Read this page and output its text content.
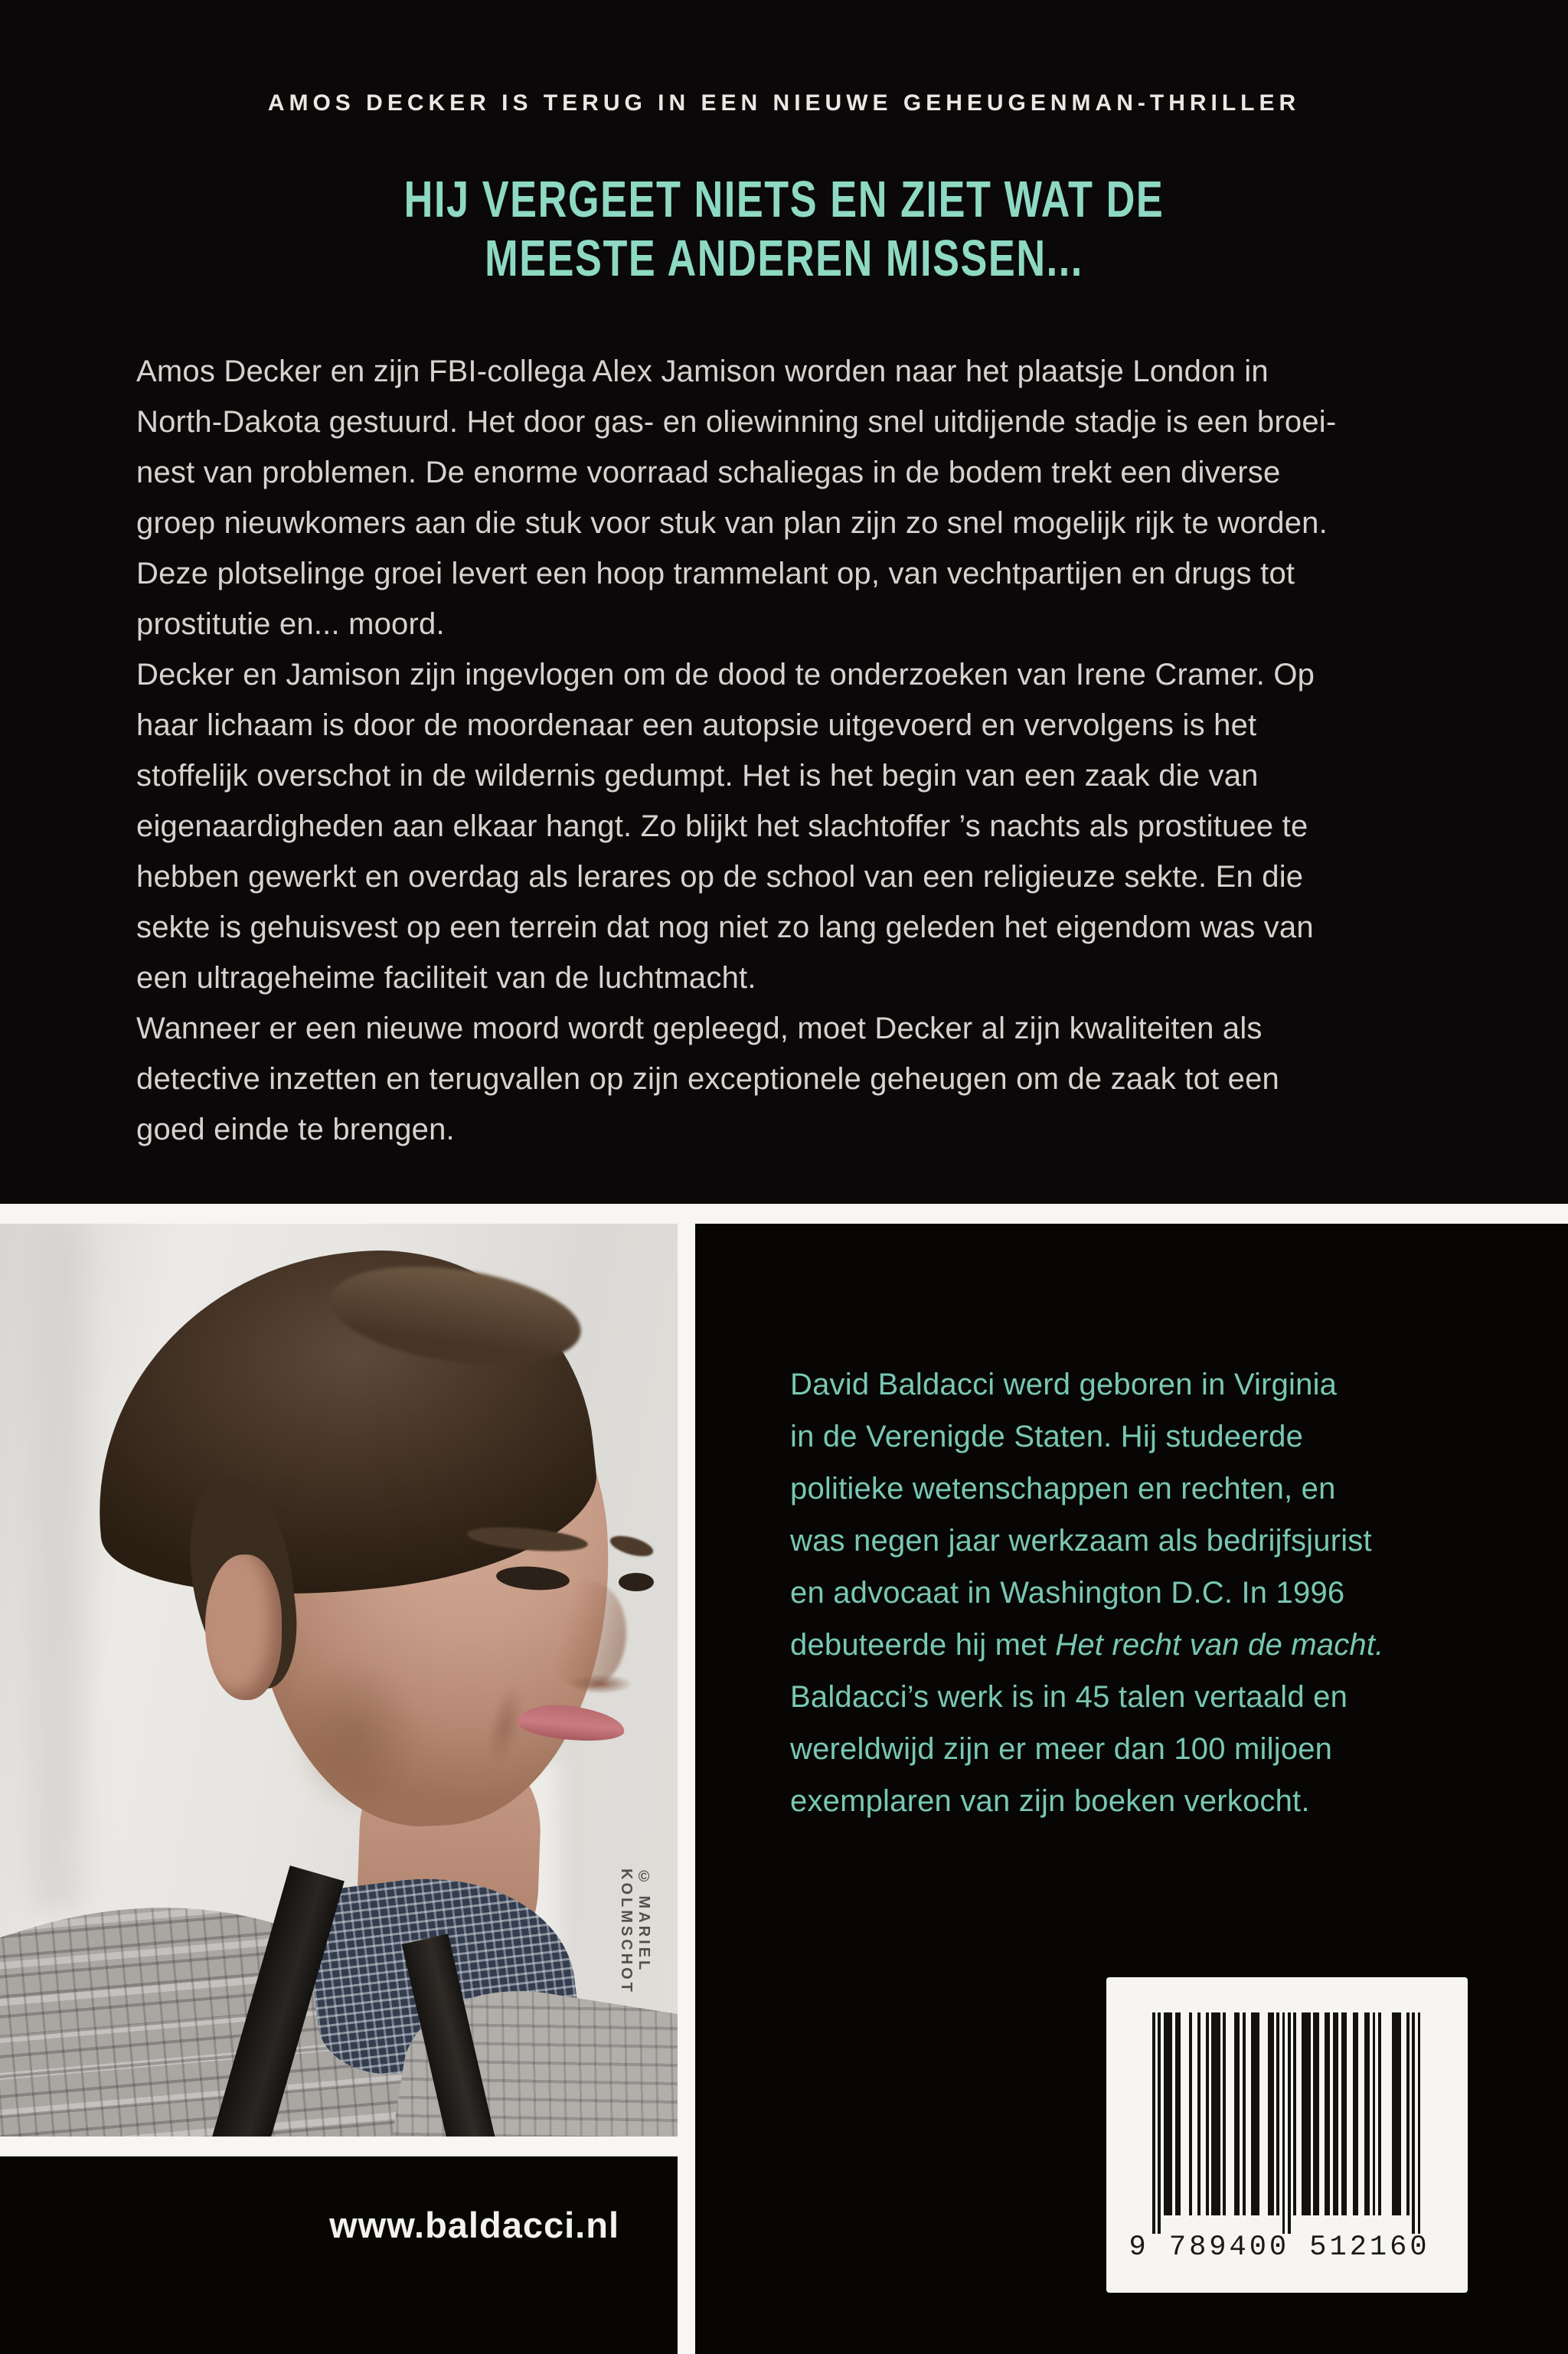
AMOS DECKER IS TERUG IN EEN NIEUWE GEHEUGENMAN-THRILLER
HIJ VERGEET NIETS EN ZIET WAT DE
MEESTE ANDEREN MISSEN...
Amos Decker en zijn FBI-collega Alex Jamison worden naar het plaatsje London in
North-Dakota gestuurd. Het door gas- en oliewinning snel uitdijende stadje is een broei-
nest van problemen. De enorme voorraad schaliegas in de bodem trekt een diverse
groep nieuwkomers aan die stuk voor stuk van plan zijn zo snel mogelijk rijk te worden.
Deze plotselinge groei levert een hoop trammelant op, van vechtpartijen en drugs tot
prostitutie en... moord.
Decker en Jamison zijn ingevlogen om de dood te onderzoeken van Irene Cramer. Op
haar lichaam is door de moordenaar een autopsie uitgevoerd en vervolgens is het
stoffelijk overschot in de wildernis gedumpt. Het is het begin van een zaak die van
eigenaardigheden aan elkaar hangt. Zo blijkt het slachtoffer ’s nachts als prostituee te
hebben gewerkt en overdag als lerares op de school van een religieuze sekte. En die
sekte is gehuisvest op een terrein dat nog niet zo lang geleden het eigendom was van
een ultrageheime faciliteit van de luchtmacht.
Wanneer er een nieuwe moord wordt gepleegd, moet Decker al zijn kwaliteiten als
detective inzetten en terugvallen op zijn exceptionele geheugen om de zaak tot een
goed einde te brengen.
© MARIEL KOLMSCHOT
www.baldacci.nl
David Baldacci werd geboren in Virginia
in de Verenigde Staten. Hij studeerde
politieke wetenschappen en rechten, en
was negen jaar werkzaam als bedrijfsjurist
en advocaat in Washington D.C. In 1996
debuteerde hij met Het recht van de macht.
Baldacci’s werk is in 45 talen vertaald en
wereldwijd zijn er meer dan 100 miljoen
exemplaren van zijn boeken verkocht.
9 789400 512160
